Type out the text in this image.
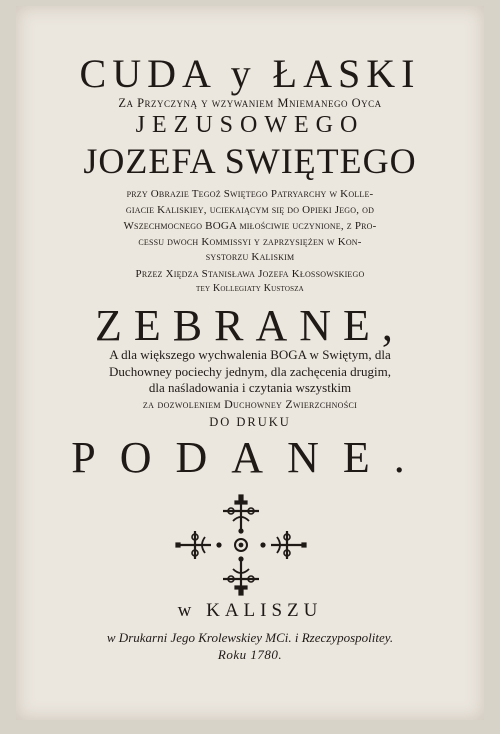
CUDA y ŁASKI
Za Przyczyną y wzywaniem Mniemanego Oyca
JEZUSOWEGO
JOZEFA SWIĘTEGO
przy Obrazie Tegoż Swiętego Patryarchy w Kolle-
giacie Kaliskiey, uciekaiącym się do Opieki Jego, od
Wszechmocnego BOGA miłościwie uczynione, z Pro-
cessu dwoch Kommissyi y zaprzysiężen w Kon-
systorzu Kaliskim
Przez Xiędza Stanisława Jozefa Kłossowskiego
tey Kollegiaty Kustosza
ZEBRANE,
A dla większego wychwalenia BOGA w Swiętym, dla
Duchowney pociechy jednym, dla zachęcenia drugim,
dla naśladowania i czytania wszystkim
za dozwoleniem Duchowney Zwierzchności
DO DRUKU
PODANE.
w KALISZU
w Drukarni Jego Krolewskiey MCi. i Rzeczypospolitey.
Roku 1780.
